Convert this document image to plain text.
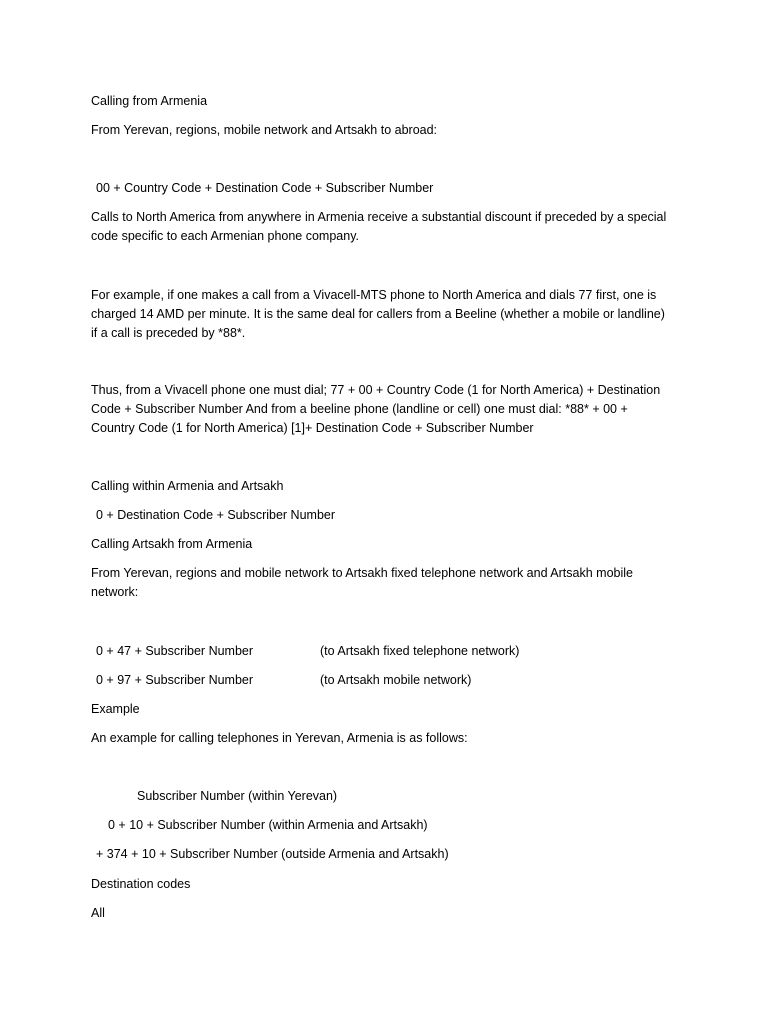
Calling from Armenia
From Yerevan, regions, mobile network and Artsakh to abroad:
00 + Country Code + Destination Code + Subscriber Number
Calls to North America from anywhere in Armenia receive a substantial discount if preceded by a special
code specific to each Armenian phone company.
For example, if one makes a call from a Vivacell-MTS phone to North America and dials 77 first, one is
charged 14 AMD per minute. It is the same deal for callers from a Beeline (whether a mobile or landline)
if a call is preceded by *88*.
Thus, from a Vivacell phone one must dial; 77 + 00 + Country Code (1 for North America) + Destination
Code + Subscriber Number And from a beeline phone (landline or cell) one must dial: *88* + 00 +
Country Code (1 for North America) [1]+ Destination Code + Subscriber Number
Calling within Armenia and Artsakh
0 + Destination Code + Subscriber Number
Calling Artsakh from Armenia
From Yerevan, regions and mobile network to Artsakh fixed telephone network and Artsakh mobile
network:
0 + 47 + Subscriber Number	(to Artsakh fixed telephone network)
0 + 97 + Subscriber Number	(to Artsakh mobile network)
Example
An example for calling telephones in Yerevan, Armenia is as follows:
Subscriber Number (within Yerevan)
0 + 10 + Subscriber Number (within Armenia and Artsakh)
+ 374 + 10 + Subscriber Number (outside Armenia and Artsakh)
Destination codes
All
